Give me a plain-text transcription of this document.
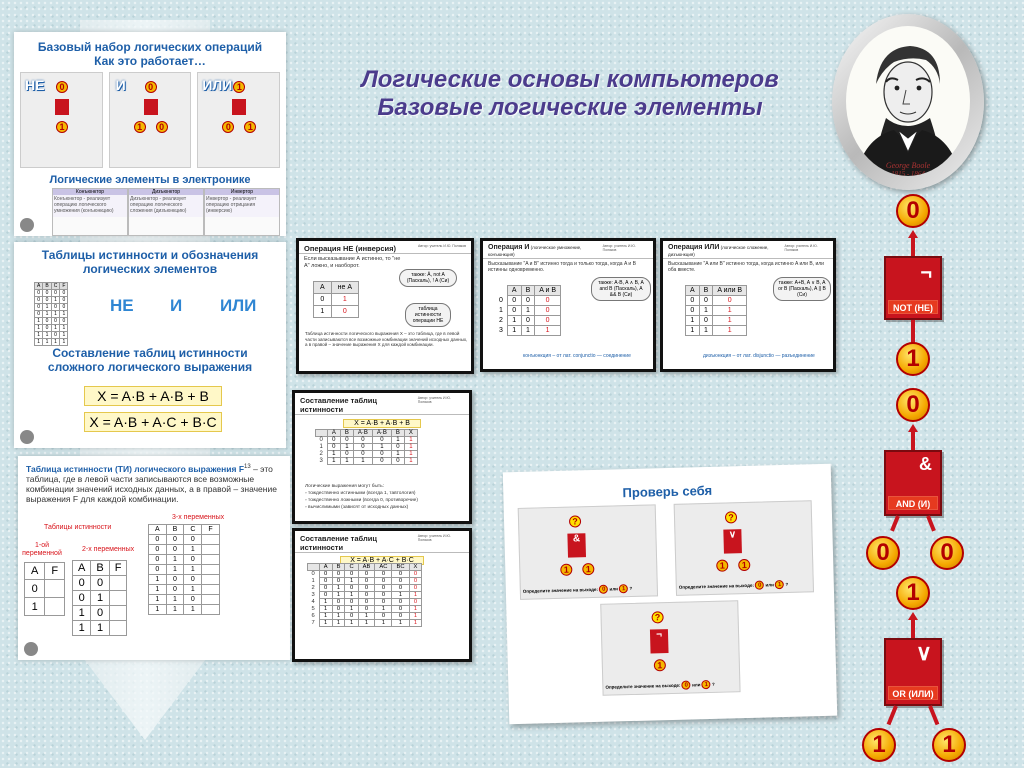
Логические основы компьютеров
Базовые логические элементы
George Boole
1815 - 1864
Базовый набор логических операций
Как это работает…
НЕ	0
1
И	0
1	0
ИЛИ 1
0	1
Логические элементы в электронике
Конъюнктор
Конъюнктор - реализует операцию логического умножения (конъюнкцию)
Дизъюнктор
Дизъюнктор - реализует операцию логического сложения (дизъюнкцию)
Инвертор
Инвертор - реализует операцию отрицания (инверсию)
Таблицы истинности и обозначения
логических элементов
A	B	C	F
0	0	0	0
0	0	1	0
0	1	0	0
0	1	1	1
1	0	0	0
1	0	1	1
1	1	0	1
1	1	1	1
НЕ И ИЛИ
Составление таблиц истинности
сложного логического выражения
X = A·B + A·B + B
X = A·B + A·C + B·C
Таблица истинности (ТИ) логического выражения $F^{13}$ – это таблица, где в левой части записываются все возможные комбинации значений исходных данных, а в правой – значение выражения F для каждой комбинации.
Таблицы истинности
3-х переменных
1-ой переменной
2-х переменных
A	F
0	
1	
A	B	F
0	0	
0	1	
1	0	
1	1	
A	B	C	F
0	0	0	
0	0	1	
0	1	0	
0	1	1	
1	0	0	
1	0	1	
1	1	0	
1	1	1	
Операция НЕ (инверсия)	Автор: учитель И.Ю. Поляков
Если высказывание А истинно, то "не А" ложно, и наоборот.
также: Ā, not A (Паскаль), ! A (Си)
A	не A
0	1
1	0	таблица истинности операции НЕ
Таблица истинности логического выражения X – это таблица, где в левой части записываются все возможные комбинации значений исходных данных, а в правой – значение выражения X для каждой комбинации.
Операция И (логическое умножение, конъюнкция)
Автор: учитель И.Ю. Поляков
Высказывание "A и B" истинно тогда и только тогда, когда A и B истинны одновременно.
также: A·B, A ∧ B, A and B (Паскаль), A && B (Си)
	A	B	A и B
0	0	0	0
1	0	1	0
2	1	0	0
3	1	1	1
конъюнкция – от лат. conjunctio — соединение
Операция ИЛИ (логическое сложение, дизъюнкция)
Автор: учитель И.Ю. Поляков
Высказывание "A или B" истинно тогда, когда истинно A или B, или оба вместе.
также: A+B, A ∨ B, A or B (Паскаль), A || B (Си)
A	B	A или B
0	0	0
0	1	1
1	0	1
1	1	1
дизъюнкция – от лат. disjunctio — разъединение
Составление таблиц истинности
Автор: учитель И.Ю. Поляков
X = A·B + A·B + B
	A	B	A·B	A·B	B	X
0	0	0	0	0	1	1
1	0	1	0	1	0	1
2	1	0	0	0	1	1
3	1	1	1	0	0	1
Логические выражения могут быть:
▫ тождественно истинными (всегда 1, тавтология)
▫ тождественно ложными (всегда 0, противоречие)
▫ вычислимыми (зависят от исходных данных)
Составление таблиц истинности
Автор: учитель И.Ю. Поляков
X = A·B + A·C + B·C
	A	B	C	AB	AC	BC	X
0	0	0	0	0	0	0	0
1	0	0	1	0	0	0	0
2	0	1	0	0	0	0	0
3	0	1	1	0	0	1	1
4	1	0	0	0	0	0	0
5	1	0	1	0	1	0	1
6	1	1	0	1	0	0	1
7	1	1	1	1	1	1	1
Проверь себя
?
&
1	1
Определите значение на выходе: 0 или 1 ?
?
∨
1	1
Определите значение на выходе: 0 или 1 ?
?
¬
1
Определите значение на выходе: 0 или 1 ?
0
¬
NOT (НЕ)
1
0
&
AND (И)
0	0
1
∨
OR (ИЛИ)
1	1
